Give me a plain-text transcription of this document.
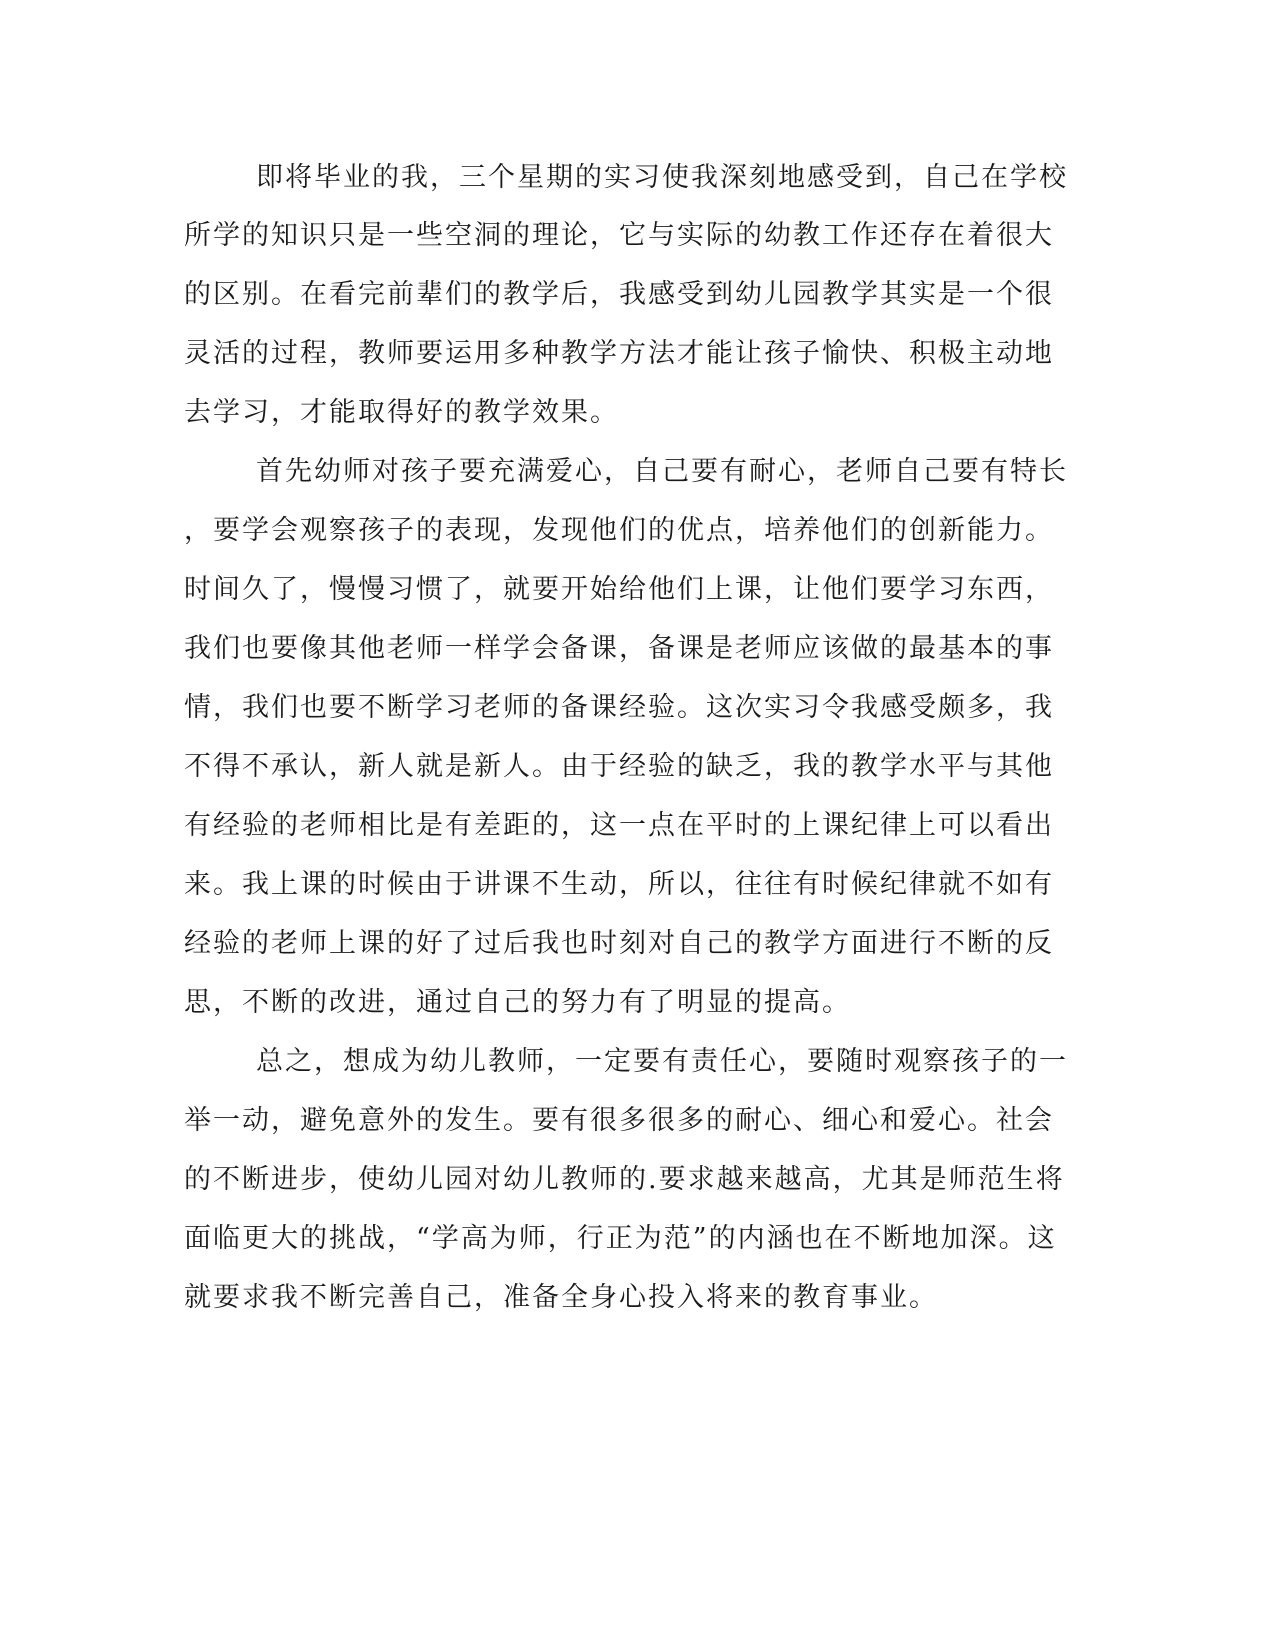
即将毕业的我，三个星期的实习使我深刻地感受到，自己在学校
所学的知识只是一些空洞的理论，它与实际的幼教工作还存在着很大
的区别。在看完前辈们的教学后，我感受到幼儿园教学其实是一个很
灵活的过程，教师要运用多种教学方法才能让孩子愉快、积极主动地
去学习，才能取得好的教学效果。
首先幼师对孩子要充满爱心，自己要有耐心，老师自己要有特长
，要学会观察孩子的表现，发现他们的优点，培养他们的创新能力。
时间久了，慢慢习惯了，就要开始给他们上课，让他们要学习东西，
我们也要像其他老师一样学会备课，备课是老师应该做的最基本的事
情，我们也要不断学习老师的备课经验。这次实习令我感受颇多，我
不得不承认，新人就是新人。由于经验的缺乏，我的教学水平与其他
有经验的老师相比是有差距的，这一点在平时的上课纪律上可以看出
来。我上课的时候由于讲课不生动，所以，往往有时候纪律就不如有
经验的老师上课的好了过后我也时刻对自己的教学方面进行不断的反
思，不断的改进，通过自己的努力有了明显的提高。
总之，想成为幼儿教师，一定要有责任心，要随时观察孩子的一
举一动，避免意外的发生。要有很多很多的耐心、细心和爱心。社会
的不断进步，使幼儿园对幼儿教师的.要求越来越高，尤其是师范生将
面临更大的挑战，“学高为师，行正为范”的内涵也在不断地加深。这
就要求我不断完善自己，准备全身心投入将来的教育事业。
